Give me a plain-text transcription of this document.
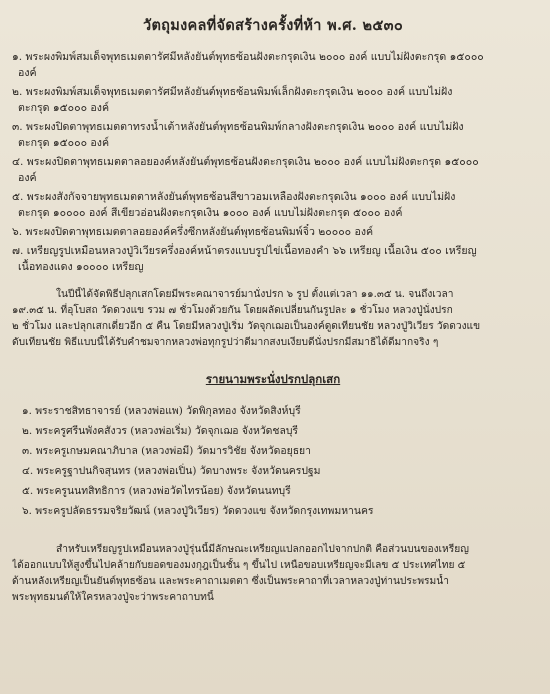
วัตถุมงคลที่จัดสร้างครั้งที่ห้า พ.ศ. ๒๕๓๐
๑. พระผงพิมพ์สมเด็จพุทธเมตตารัศมีหลังยันต์พุทธซ้อนฝังตะกรุดเงิน ๒๐๐๐ องค์ แบบไม่ฝังตะกรุด ๑๕๐๐๐
องค์
๒. พระผงพิมพ์สมเด็จพุทธเมตตารัศมีหลังยันต์พุทธซ้อนพิมพ์เล็กฝังตะกรุดเงิน ๒๐๐๐ องค์ แบบไม่ฝัง
ตะกรุด ๑๕๐๐๐ องค์
๓. พระผงปิดตาพุทธเมตตาทรงน้ำเต้าหลังยันต์พุทธซ้อนพิมพ์กลางฝังตะกรุดเงิน ๒๐๐๐ องค์ แบบไม่ฝัง
ตะกรุด ๑๕๐๐๐ องค์
๔. พระผงปิดตาพุทธเมตตาลอยองค์หลังยันต์พุทธซ้อนฝังตะกรุดเงิน ๒๐๐๐ องค์ แบบไม่ฝังตะกรุด ๑๕๐๐๐
องค์
๕. พระผงสังกัจจายพุทธเมตตาหลังยันต์พุทธซ้อนสีขาวอมเหลืองฝังตะกรุดเงิน ๑๐๐๐ องค์ แบบไม่ฝัง
ตะกรุด ๑๐๐๐๐ องค์ สีเขียวอ่อนฝังตะกรุดเงิน ๑๐๐๐ องค์ แบบไม่ฝังตะกรุด ๕๐๐๐ องค์
๖. พระผงปิดตาพุทธเมตตาลอยองค์ครึ่งซีกหลังยันต์พุทธซ้อนพิมพ์จิ๋ว ๒๐๐๐๐ องค์
๗. เหรียญรูปเหมือนหลวงปู่วิเวียรครึ่งองค์หน้าตรงแบบรูปไข่เนื้อทองคำ ๖๖ เหรียญ เนื้อเงิน ๕๐๐ เหรียญ
เนื้อทองแดง ๑๐๐๐๐ เหรียญ
ในปีนี้ได้จัดพิธีปลุกเสกโดยมีพระคณาจารย์มานั่งปรก ๖ รูป ตั้งแต่เวลา ๑๑.๓๕ น. จนถึงเวลา
๑๙.๓๕ น. ที่อุโบสถ วัดดวงแข รวม ๗ ชั่วโมงด้วยกัน โดยผลัดเปลี่ยนกันรูปละ ๑ ชั่วโมง หลวงปู่นั่งปรก
๒ ชั่วโมง และปลุกเสกเดี่ยวอีก ๕ คืน โดยมีหลวงปู่เริ่ม วัดจุกเฌอเป็นองค์ดูดเทียนชัย หลวงปู่วิเวียร วัดดวงแข
ดับเทียนชัย พิธีแบบนี้ได้รับคำชมจากหลวงพ่อทุกรูปว่าดีมากสงบเงียบดีนั่งปรกมีสมาธิได้ดีมากจริง ๆ
รายนามพระนั่งปรกปลุกเสก
๑. พระราชสิทธาจารย์ (หลวงพ่อแพ) วัดพิกุลทอง จังหวัดสิงห์บุรี
๒. พระครูศรีนพังคสังวร (หลวงพ่อเริ่ม) วัดจุกเฌอ จังหวัดชลบุรี
๓. พระครูเกษมคณาภิบาล (หลวงพ่อมี) วัดมารวิชัย จังหวัดอยุธยา
๔. พระครูฐาปนกิจสุนทร (หลวงพ่อเปิ่น) วัดบางพระ จังหวัดนครปฐม
๕. พระครูนนทสิทธิการ (หลวงพ่อวัดไทรน้อย) จังหวัดนนทบุรี
๖. พระครูปลัดธรรมจริยวัฒน์ (หลวงปู่วิเวียร) วัดดวงแข จังหวัดกรุงเทพมหานคร
สำหรับเหรียญรูปเหมือนหลวงปู่รุ่นนี้มีลักษณะเหรียญแปลกออกไปจากปกติ คือส่วนบนของเหรียญ
ได้ออกแบบให้สูงขึ้นไปคล้ายกับยอดของมงกุฎเป็นชั้น ๆ ขึ้นไป เหนือขอบเหรียญจะมีเลข ๕ ประเทศไทย ๕
ด้านหลังเหรียญเป็นยันต์พุทธซ้อน และพระคาถาเมตตา ซึ่งเป็นพระคาถาที่เวลาหลวงปู่ท่านประพรมน้ำ
พระพุทธมนต์ให้ใครหลวงปู่จะว่าพระคาถาบทนี้
